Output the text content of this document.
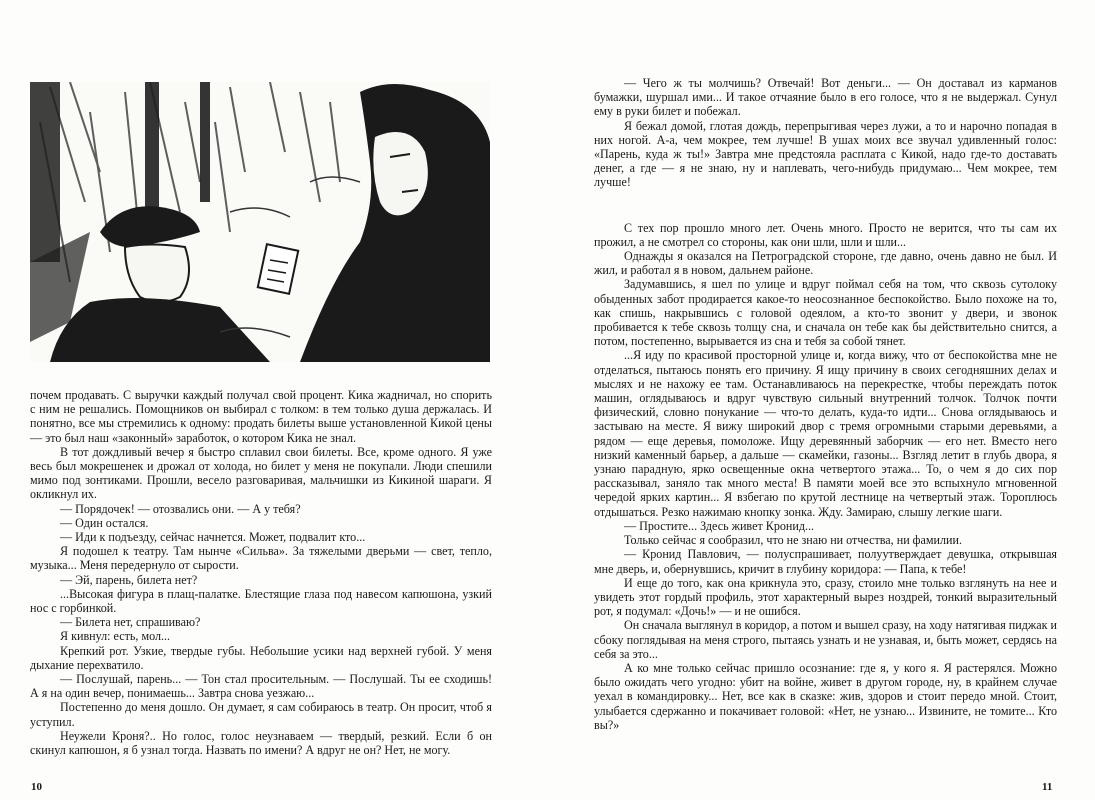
почем продавать. С выручки каждый получал свой процент. Кика жадничал, но спорить с ним не решались. Помощников он выбирал с толком: в тем только душа держалась. И понятно, все мы стремились к одному: продать билеты выше установленной Кикой цены — это был наш «законный» заработок, о котором Кика не знал.

В тот дождливый вечер я быстро сплавил свои билеты. Все, кроме одного. Я уже весь был мокрешенек и дрожал от холода, но билет у меня не покупали. Люди спешили мимо под зонтиками. Прошли, весело разговаривая, мальчишки из Кикиной шараги. Я окликнул их.

— Порядочек! — отозвались они. — А у тебя?

— Один остался.

— Иди к подъезду, сейчас начнется. Может, подвалит кто...

Я подошел к театру. Там нынче «Сильва». За тяжелыми дверьми — свет, тепло, музыка... Меня передернуло от сырости.

— Эй, парень, билета нет?

...Высокая фигура в плащ-палатке. Блестящие глаза под навесом капюшона, узкий нос с горбинкой.

— Билета нет, спрашиваю?

Я кивнул: есть, мол...

Крепкий рот. Узкие, твердые губы. Небольшие усики над верхней губой. У меня дыхание перехватило.

— Послушай, парень... — Тон стал просительным. — Послушай. Ты ее сходишь! А я на один вечер, понимаешь... Завтра снова уезжаю...

Постепенно до меня дошло. Он думает, я сам собираюсь в театр. Он просит, чтоб я уступил.

Неужели Кроня?.. Но голос, голос неузнаваем — твердый, резкий. Если б он скинул капюшон, я б узнал тогда. Назвать по имени? А вдруг не он? Нет, не могу.

10

— Чего ж ты молчишь? Отвечай! Вот деньги... — Он доставал из карманов бумажки, шуршал ими... И такое отчаяние было в его голосе, что я не выдержал. Сунул ему в руки билет и побежал.

Я бежал домой, глотая дождь, перепрыгивая через лужи, а то и нарочно попадая в них ногой. А-а, чем мокрее, тем лучше! В ушах моих все звучал удивленный голос: «Парень, куда ж ты!» Завтра мне предстояла расплата с Кикой, надо где-то доставать денег, а где — я не знаю, ну и наплевать, чего-нибудь придумаю... Чем мокрее, тем лучше!

С тех пор прошло много лет. Очень много. Просто не верится, что ты сам их прожил, а не смотрел со стороны, как они шли, шли и шли...

Однажды я оказался на Петроградской стороне, где давно, очень давно не был. И жил, и работал я в новом, дальнем районе.

Задумавшись, я шел по улице и вдруг поймал себя на том, что сквозь сутолоку обыденных забот продирается какое-то неосознанное беспокойство. Было похоже на то, как спишь, накрывшись с головой одеялом, а кто-то звонит у двери, и звонок пробивается к тебе сквозь толщу сна, и сначала он тебе как бы действительно снится, а потом, постепенно, вырывается из сна и тебя за собой тянет.

...Я иду по красивой просторной улице и, когда вижу, что от беспокойства мне не отделаться, пытаюсь понять его причину. Я ищу причину в своих сегодняшних делах и мыслях и не нахожу ее там. Останавливаюсь на перекрестке, чтобы переждать поток машин, оглядываюсь и вдруг чувствую сильный внутренний толчок. Толчок почти физический, словно понукание — что-то делать, куда-то идти... Снова оглядываюсь и застываю на месте. Я вижу широкий двор с тремя огромными старыми деревьями, а рядом — еще деревья, помоложе. Ищу деревянный заборчик — его нет. Вместо него низкий каменный барьер, а дальше — скамейки, газоны... Взгляд летит в глубь двора, я узнаю парадную, ярко освещенные окна четвертого этажа... То, о чем я до сих пор рассказывал, заняло так много места! В памяти моей все это вспыхнуло мгновенной чередой ярких картин... Я взбегаю по крутой лестнице на четвертый этаж. Тороплюсь отдышаться. Резко нажимаю кнопку зонка. Жду. Замираю, слышу легкие шаги.

— Простите... Здесь живет Кронид...

Только сейчас я сообразил, что не знаю ни отчества, ни фамилии.

— Кронид Павлович, — полуспрашивает, полуутверждает девушка, открывшая мне дверь, и, обернувшись, кричит в глубину коридора: — Папа, к тебе!

И еще до того, как она крикнула это, сразу, стоило мне только взглянуть на нее и увидеть этот гордый профиль, этот характерный вырез ноздрей, тонкий выразительный рот, я подумал: «Дочь!» — и не ошибся.

Он сначала выглянул в коридор, а потом и вышел сразу, на ходу натягивая пиджак и сбоку поглядывая на меня строго, пытаясь узнать и не узнавая, и, быть может, сердясь на себя за это...

А ко мне только сейчас пришло осознание: где я, у кого я. Я растерялся. Можно было ожидать чего угодно: убит на войне, живет в другом городе, ну, в крайнем случае уехал в командировку... Нет, все как в сказке: жив, здоров и стоит передо мной. Стоит, улыбается сдержанно и покачивает головой: «Нет, не узнаю... Извините, не томите... Кто вы?»

11
